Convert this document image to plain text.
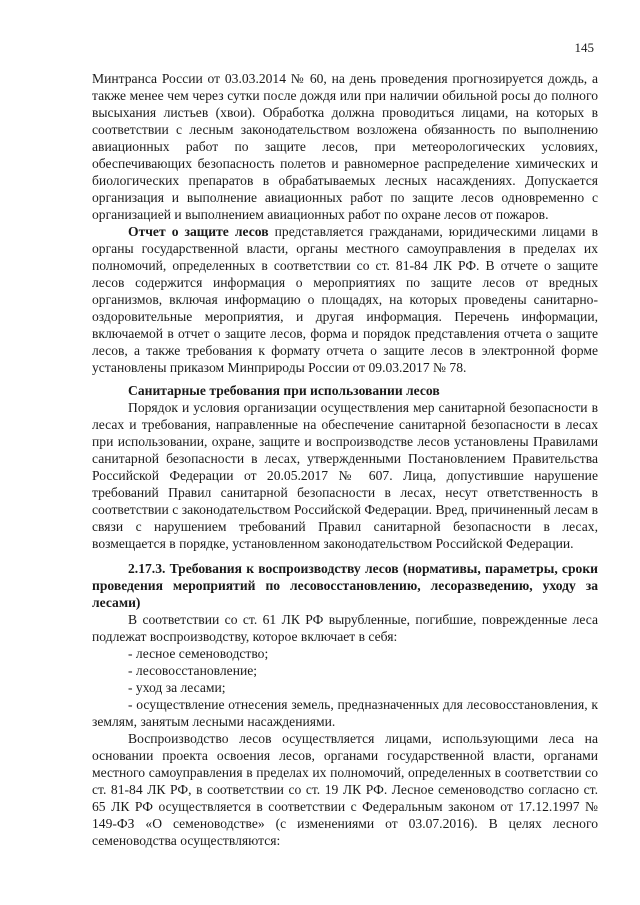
145

Минтранса России от 03.03.2014 № 60, на день проведения прогнозируется дождь, а также менее чем через сутки после дождя или при наличии обильной росы до полного высыхания листьев (хвои). Обработка должна проводиться лицами, на которых в соответствии с лесным законодательством возложена обязанность по выполнению авиационных работ по защите лесов, при метеорологических условиях, обеспечивающих безопасность полетов и равномерное распределение химических и биологических препаратов в обрабатываемых лесных насаждениях. Допускается организация и выполнение авиационных работ по защите лесов одновременно с организацией и выполнением авиационных работ по охране лесов от пожаров.

Отчет о защите лесов представляется гражданами, юридическими лицами в органы государственной власти, органы местного самоуправления в пределах их полномочий, определенных в соответствии со ст. 81-84 ЛК РФ. В отчете о защите лесов содержится информация о мероприятиях по защите лесов от вредных организмов, включая информацию о площадях, на которых проведены санитарно-оздоровительные мероприятия, и другая информация. Перечень информации, включаемой в отчет о защите лесов, форма и порядок представления отчета о защите лесов, а также требования к формату отчета о защите лесов в электронной форме установлены приказом Минприроды России от 09.03.2017 № 78.

Санитарные требования при использовании лесов

Порядок и условия организации осуществления мер санитарной безопасности в лесах и требования, направленные на обеспечение санитарной безопасности в лесах при использовании, охране, защите и воспроизводстве лесов установлены Правилами санитарной безопасности в лесах, утвержденными Постановлением Правительства Российской Федерации от 20.05.2017 № 607. Лица, допустившие нарушение требований Правил санитарной безопасности в лесах, несут ответственность в соответствии с законодательством Российской Федерации. Вред, причиненный лесам в связи с нарушением требований Правил санитарной безопасности в лесах, возмещается в порядке, установленном законодательством Российской Федерации.

2.17.3. Требования к воспроизводству лесов (нормативы, параметры, сроки проведения мероприятий по лесовосстановлению, лесоразведению, уходу за лесами)

В соответствии со ст. 61 ЛК РФ вырубленные, погибшие, поврежденные леса подлежат воспроизводству, которое включает в себя:

- лесное семеноводство;

- лесовосстановление;

- уход за лесами;

- осуществление отнесения земель, предназначенных для лесовосстановления, к землям, занятым лесными насаждениями.

Воспроизводство лесов осуществляется лицами, использующими леса на основании проекта освоения лесов, органами государственной власти, органами местного самоуправления в пределах их полномочий, определенных в соответствии со ст. 81-84 ЛК РФ, в соответствии со ст. 19 ЛК РФ. Лесное семеноводство согласно ст. 65 ЛК РФ осуществляется в соответствии с Федеральным законом от 17.12.1997 № 149-ФЗ «О семеноводстве» (с изменениями от 03.07.2016). В целях лесного семеноводства осуществляются:
